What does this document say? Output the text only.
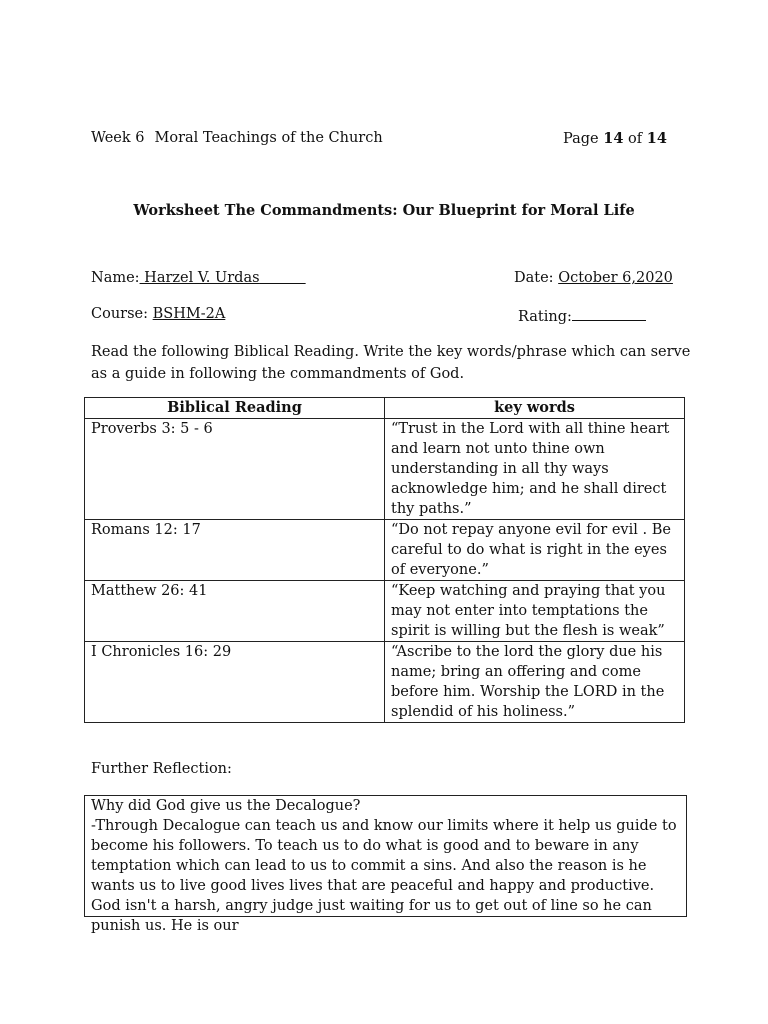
Week 6 Moral Teachings of the Church	Page 14 of 14
Worksheet The Commandments: Our Blueprint for Moral Life
Name: Harzel V. Urdas	Date: October 6,2020
Course: BSHM-2A	Rating:
Read the following Biblical Reading. Write the key words/phrase which can serve as a guide in following the commandments of God.
Biblical Reading	key words
Proverbs 3: 5 - 6	“Trust in the Lord with all thine heart and learn not unto thine own understanding in all thy ways acknowledge him; and he shall direct thy paths.”
Romans 12: 17	“Do not repay anyone evil for evil . Be careful to do what is right in the eyes of everyone.”
Matthew 26: 41	“Keep watching and praying that you may not enter into temptations the spirit is willing but the flesh is weak”
I Chronicles 16: 29	“Ascribe to the lord the glory due his name; bring an offering and come before him. Worship the LORD in the splendid of his holiness.”
Further Reflection:
Why did God give us the Decalogue?
-Through Decalogue can teach us and know our limits where it help us guide to become his followers. To teach us to do what is good and to beware in any temptation which can lead to us to commit a sins. And also the reason is he wants us to live good lives lives that are peaceful and happy and productive. God isn't a harsh, angry judge just waiting for us to get out of line so he can punish us. He is our
